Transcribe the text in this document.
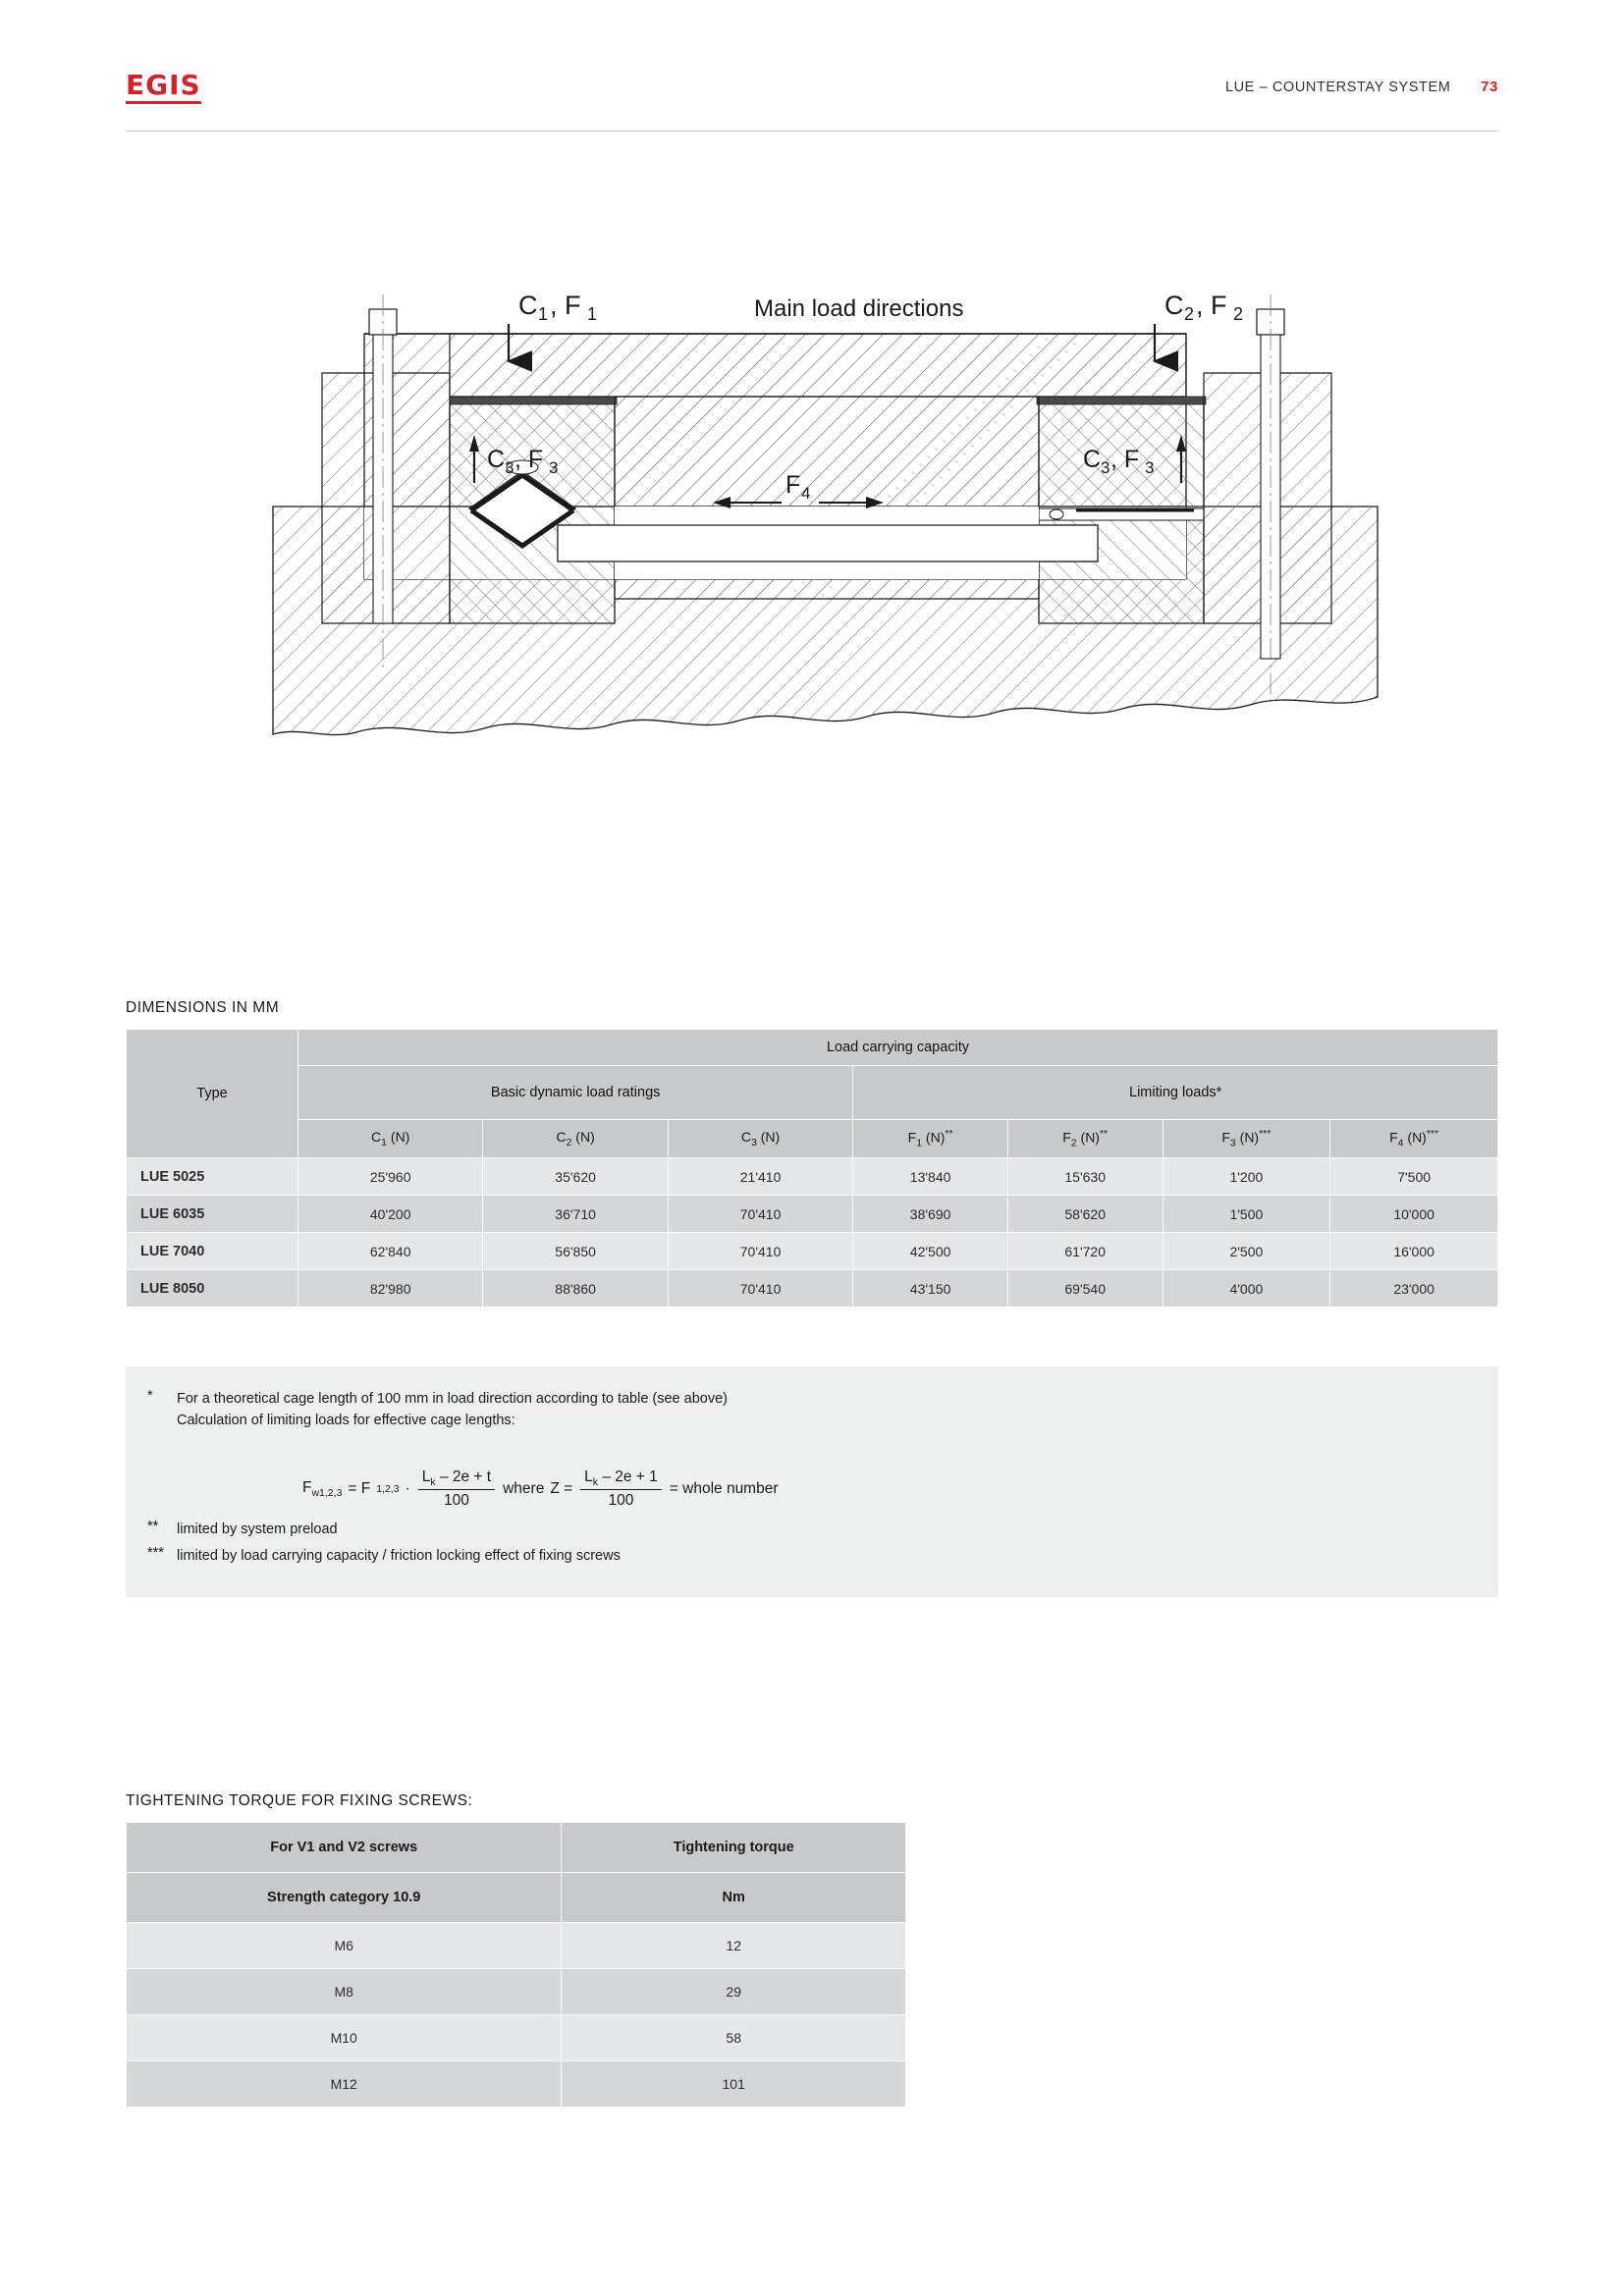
EGIS	LUE – COUNTERSTAY SYSTEM 73
C 1 , F 1	C 2 , F 2
Main load directions
C 3 , F 3	C 3 , F 3
F 4
DIMENSIONS IN MM
Type	Load carrying capacity						
	Basic dynamic load ratings			Limiting loads*			
	$C_1$ (N)	$C_2$ (N)	$C_3$ (N)	$F_1$ (N)**	$F_2$ (N)**	$F_3$ (N)***	$F_4$ (N)***
LUE 5025	25'960	35'620	21'410	13'840	15'630	1'200	7'500
LUE 6035	40'200	36'710	70'410	38'690	58'620	1'500	10'000
LUE 7040	62'840	56'850	70'410	42'500	61'720	2'500	16'000
LUE 8050	82'980	88'860	70'410	43'150	69'540	4'000	23'000
*	For a theoretical cage length of 100 mm in load direction according to table (see above)
Calculation of limiting loads for effective cage lengths:
$F_{w1,2,3} = F$ $1,2,3 \cdot \frac{L_k - 2e + t}{100}$ where $Z = \frac{L_k - 2e + 1}{100}$ = whole number
**	limited by system preload
*** limited by load carrying capacity / friction locking effect of fixing screws
TIGHTENING TORQUE FOR FIXING SCREWS:
For V1 and V2 screws	Tightening torque
Strength category 10.9	Nm
M6	12
M8	29
M10	58
M12	101
